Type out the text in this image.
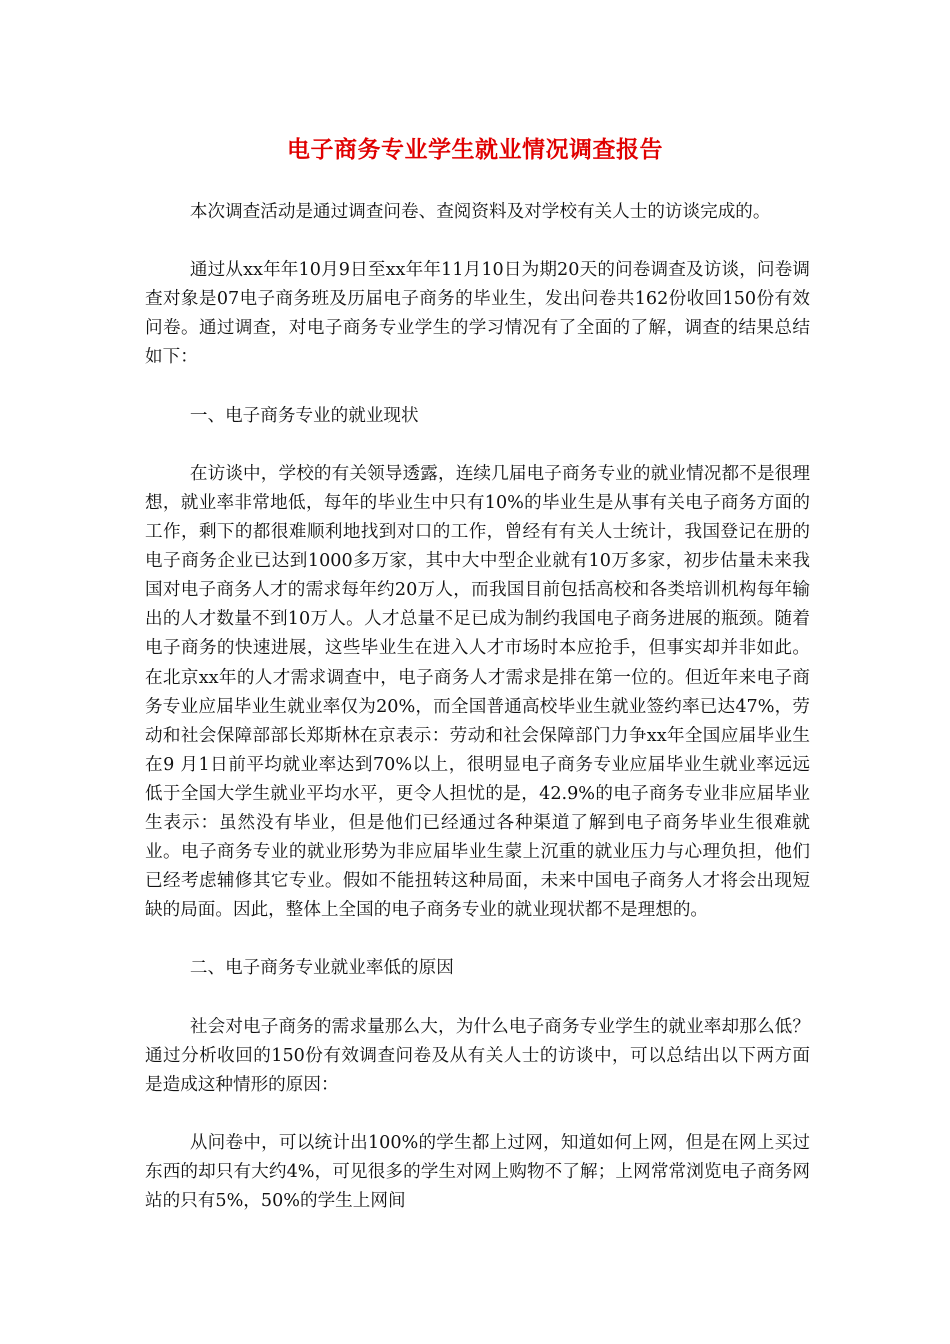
电子商务专业学生就业情况调查报告

本次调查活动是通过调查问卷、查阅资料及对学校有关人士的访谈完成的。

通过从xx年年10月9日至xx年年11月10日为期20天的问卷调查及访谈，问卷调查对象是07电子商务班及历届电子商务的毕业生，发出问卷共162份收回150份有效问卷。通过调查，对电子商务专业学生的学习情况有了全面的了解，调查的结果总结如下：

一、电子商务专业的就业现状

在访谈中，学校的有关领导透露，连续几届电子商务专业的就业情况都不是很理想，就业率非常地低，每年的毕业生中只有10%的毕业生是从事有关电子商务方面的工作，剩下的都很难顺利地找到对口的工作，曾经有有关人士统计，我国登记在册的电子商务企业已达到1000多万家，其中大中型企业就有10万多家，初步估量未来我国对电子商务人才的需求每年约20万人，而我国目前包括高校和各类培训机构每年输出的人才数量不到10万人。人才总量不足已成为制约我国电子商务进展的瓶颈。随着电子商务的快速进展，这些毕业生在进入人才市场时本应抢手，但事实却并非如此。在北京xx年的人才需求调查中，电子商务人才需求是排在第一位的。但近年来电子商务专业应届毕业生就业率仅为20%，而全国普通高校毕业生就业签约率已达47%，劳动和社会保障部部长郑斯林在京表示：劳动和社会保障部门力争xx年全国应届毕业生在9 月1日前平均就业率达到70%以上，很明显电子商务专业应届毕业生就业率远远低于全国大学生就业平均水平，更令人担忧的是，42.9%的电子商务专业非应届毕业生表示：虽然没有毕业，但是他们已经通过各种渠道了解到电子商务毕业生很难就业。电子商务专业的就业形势为非应届毕业生蒙上沉重的就业压力与心理负担，他们已经考虑辅修其它专业。假如不能扭转这种局面，未来中国电子商务人才将会出现短缺的局面。因此，整体上全国的电子商务专业的就业现状都不是理想的。

二、电子商务专业就业率低的原因

社会对电子商务的需求量那么大，为什么电子商务专业学生的就业率却那么低？通过分析收回的150份有效调查问卷及从有关人士的访谈中，可以总结出以下两方面是造成这种情形的原因：

从问卷中，可以统计出100%的学生都上过网，知道如何上网，但是在网上买过东西的却只有大约4%，可见很多的学生对网上购物不了解；上网常常浏览电子商务网站的只有5%，50%的学生上网间
